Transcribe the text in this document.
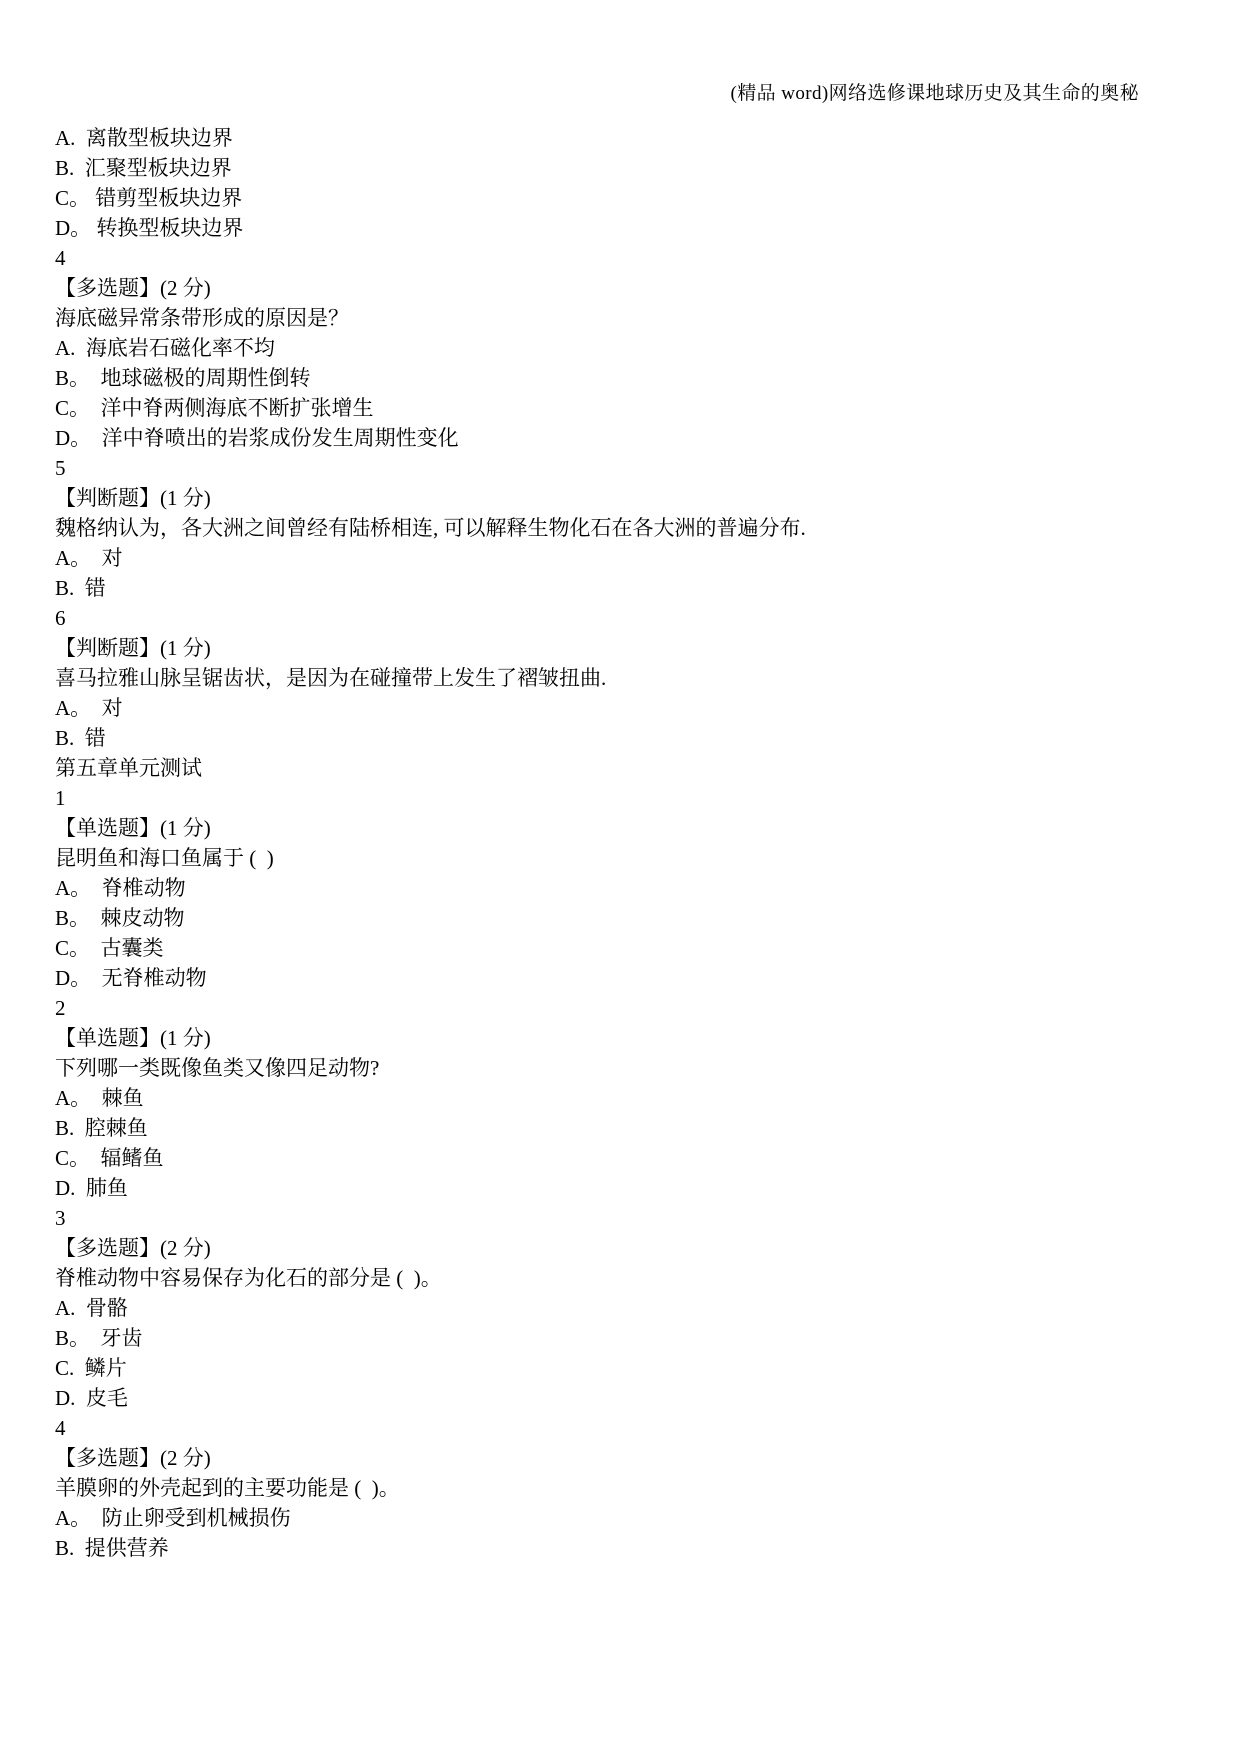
(精品 word)网络选修课地球历史及其生命的奥秘
A.  离散型板块边界
B.  汇聚型板块边界
C。 错剪型板块边界
D。 转换型板块边界
4
【多选题】(2 分)
海底磁异常条带形成的原因是？
A.  海底岩石磁化率不均
B。  地球磁极的周期性倒转
C。  洋中脊两侧海底不断扩张增生
D。  洋中脊喷出的岩浆成份发生周期性变化
5
【判断题】(1 分)
魏格纳认为，各大洲之间曾经有陆桥相连, 可以解释生物化石在各大洲的普遍分布.
A。  对
B.  错
6
【判断题】(1 分)
喜马拉雅山脉呈锯齿状，是因为在碰撞带上发生了褶皱扭曲.
A。  对
B.  错
第五章单元测试
1
【单选题】(1 分)
昆明鱼和海口鱼属于 (  )
A。  脊椎动物
B。  棘皮动物
C。  古囊类
D。  无脊椎动物
2
【单选题】(1 分)
下列哪一类既像鱼类又像四足动物?
A。  棘鱼
B.  腔棘鱼
C。  辐鳍鱼
D.  肺鱼
3
【多选题】(2 分)
脊椎动物中容易保存为化石的部分是 (  )。
A.  骨骼
B。  牙齿
C.  鳞片
D.  皮毛
4
【多选题】(2 分)
羊膜卵的外壳起到的主要功能是 (  )。
A。  防止卵受到机械损伤
B.  提供营养
